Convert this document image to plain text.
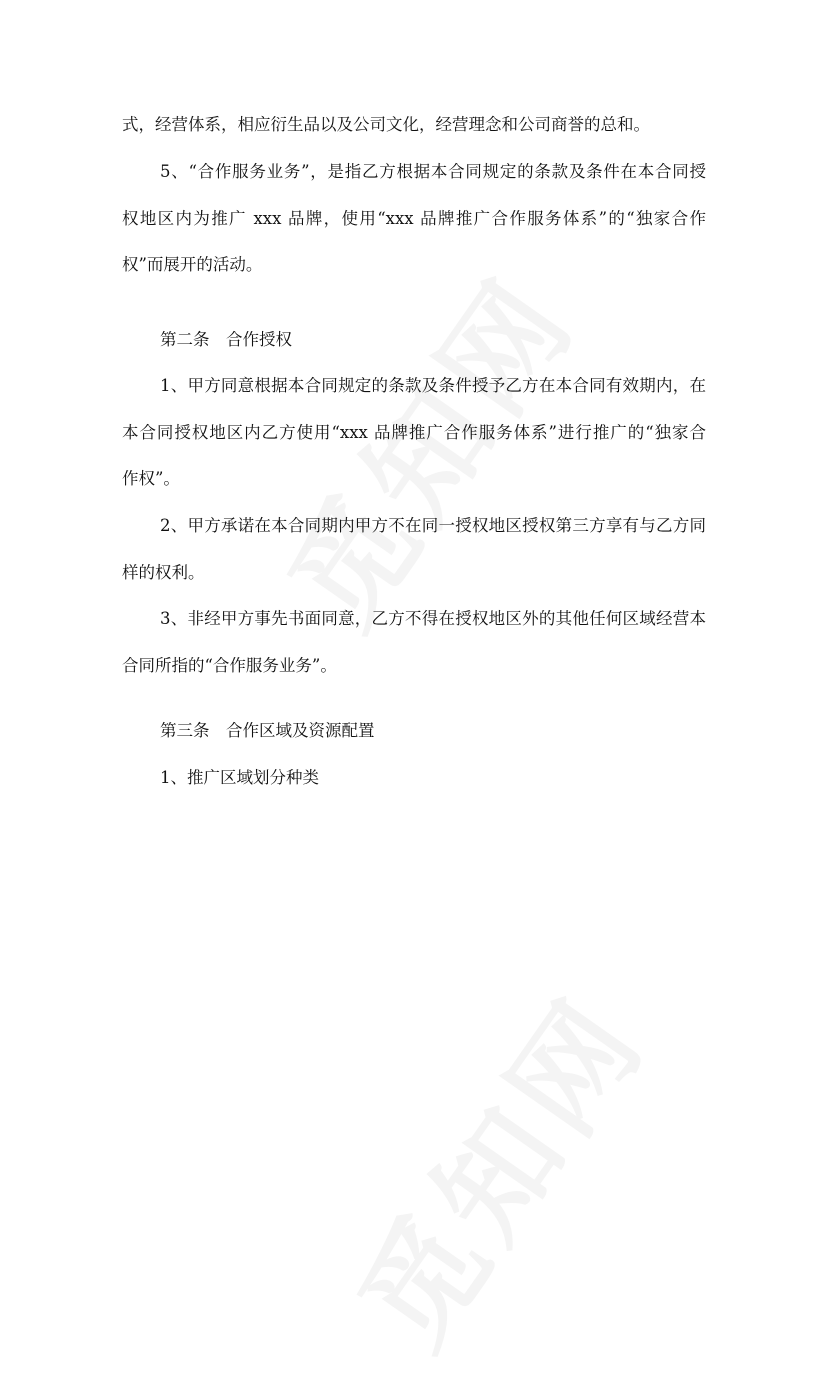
式，经营体系，相应衍生品以及公司文化，经营理念和公司商誉的总和。
5、“合作服务业务”，是指乙方根据本合同规定的条款及条件在本合同授
权地区内为推广 xxx 品牌，使用“xxx 品牌推广合作服务体系”的“独家合作
权”而展开的活动。
第二条　合作授权
1、甲方同意根据本合同规定的条款及条件授予乙方在本合同有效期内，在
本合同授权地区内乙方使用“xxx 品牌推广合作服务体系”进行推广的“独家合
作权”。
2、甲方承诺在本合同期内甲方不在同一授权地区授权第三方享有与乙方同
样的权利。
3、非经甲方事先书面同意，乙方不得在授权地区外的其他任何区域经营本
合同所指的“合作服务业务”。
第三条　合作区域及资源配置
1、推广区域划分种类
